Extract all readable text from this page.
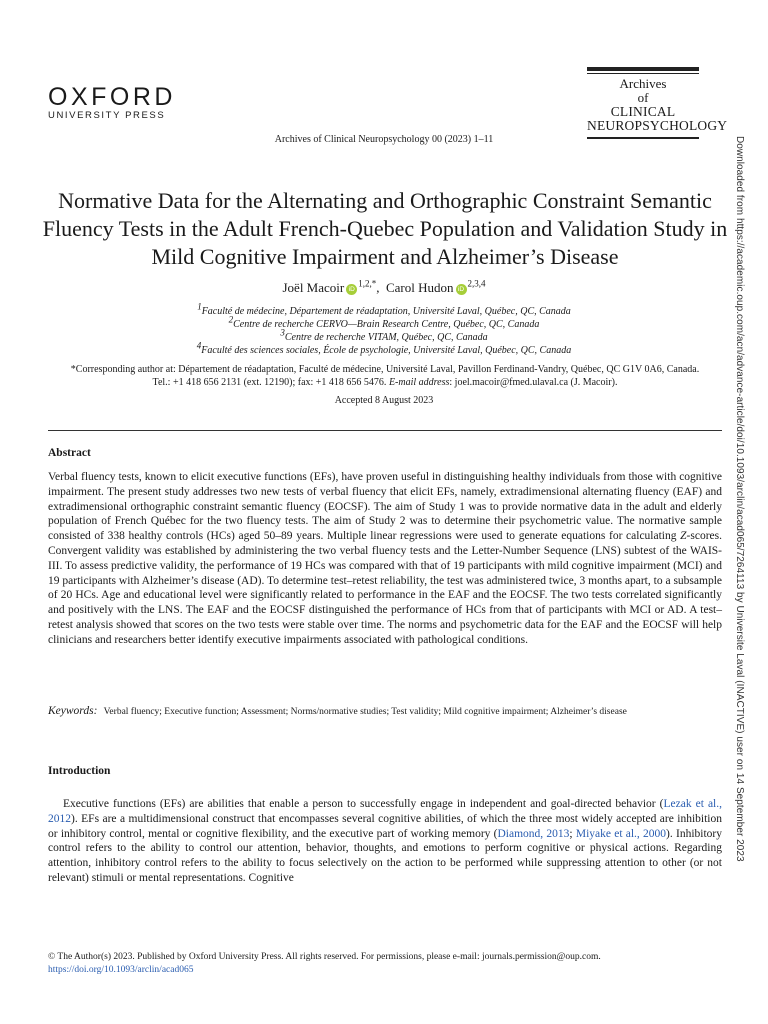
OXFORD
UNIVERSITY PRESS
Archives
of
CLINICAL
NEUROPSYCHOLOGY
Archives of Clinical Neuropsychology 00 (2023) 1–11
Normative Data for the Alternating and Orthographic Constraint Semantic Fluency Tests in the Adult French-Quebec Population and Validation Study in Mild Cognitive Impairment and Alzheimer’s Disease
Joël Macoir $iD^{1,2,*}$,  Carol Hudon iD$^{2,3,4}$
$^1$Faculté de médecine, Département de réadaptation, Université Laval, Québec, QC, Canada
$^2$Centre de recherche CERVO—Brain Research Centre, Québec, QC, Canada
$^3$Centre de recherche VITAM, Québec, QC, Canada
$^4$Faculté des sciences sociales, École de psychologie, Université Laval, Québec, QC, Canada
*Corresponding author at: Département de réadaptation, Faculté de médecine, Université Laval, Pavillon Ferdinand-Vandry, Québec, QC G1V 0A6, Canada.
Tel.: +1 418 656 2131 (ext. 12190); fax: +1 418 656 5476. E-mail address: joel.macoir@fmed.ulaval.ca (J. Macoir).
Accepted 8 August 2023
Abstract
Verbal fluency tests, known to elicit executive functions (EFs), have proven useful in distinguishing healthy individuals from those with cognitive impairment. The present study addresses two new tests of verbal fluency that elicit EFs, namely, extradimensional alternating fluency (EAF) and extradimensional orthographic constraint semantic fluency (EOCSF). The aim of Study 1 was to provide normative data in the adult and elderly population of French Québec for the two fluency tests. The aim of Study 2 was to determine their psychometric value. The normative sample consisted of 338 healthy controls (HCs) aged 50–89 years. Multiple linear regressions were used to generate equations for calculating Z-scores. Convergent validity was established by administering the two verbal fluency tests and the Letter-Number Sequence (LNS) subtest of the WAIS-III. To assess predictive validity, the performance of 19 HCs was compared with that of 19 participants with mild cognitive impairment (MCI) and 19 participants with Alzheimer’s disease (AD). To determine test–retest reliability, the test was administered twice, 3 months apart, to a subsample of 20 HCs. Age and educational level were significantly related to performance in the EAF and the EOCSF. The two tests correlated significantly and positively with the LNS. The EAF and the EOCSF distinguished the performance of HCs from that of participants with MCI or AD. A test–retest analysis showed that scores on the two tests were stable over time. The norms and psychometric data for the EAF and the EOCSF will help clinicians and researchers better identify executive impairments associated with pathological conditions.
Keywords: Verbal fluency; Executive function; Assessment; Norms/normative studies; Test validity; Mild cognitive impairment; Alzheimer’s disease
Introduction
Executive functions (EFs) are abilities that enable a person to successfully engage in independent and goal-directed behavior (Lezak et al., 2012). EFs are a multidimensional construct that encompasses several cognitive abilities, of which the three most widely accepted are inhibition or inhibitory control, mental or cognitive flexibility, and the executive part of working memory (Diamond, 2013; Miyake et al., 2000). Inhibitory control refers to the ability to control our attention, behavior, thoughts, and emotions to perform cognitive or physical actions. Regarding attention, inhibitory control refers to the ability to focus selectively on the action to be performed while suppressing attention to other (or not relevant) stimuli or mental representations. Cognitive
© The Author(s) 2023. Published by Oxford University Press. All rights reserved. For permissions, please e-mail: journals.permission@oup.com.
https://doi.org/10.1093/arclin/acad065
Downloaded from https://academic.oup.com/acn/advance-article/doi/10.1093/arclin/acad065/7264113 by Universite Laval (INACTIVE) user on 14 September 2023
